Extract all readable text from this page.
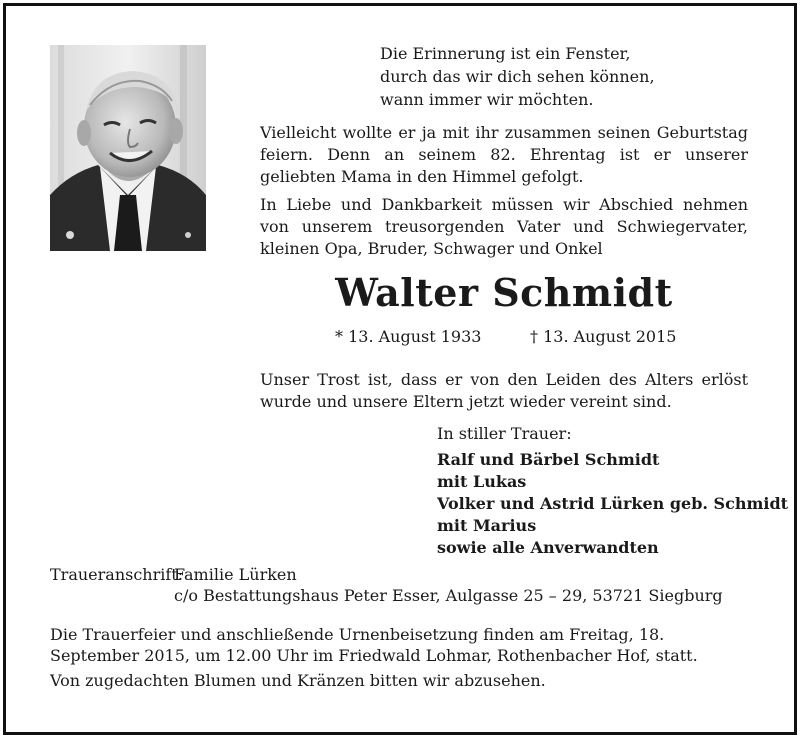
Die Erinnerung ist ein Fenster,
durch das wir dich sehen können,
wann immer wir möchten.
Vielleicht wollte er ja mit ihr zusammen seinen Geburtstag feiern. Denn an seinem 82. Ehrentag ist er unserer geliebten Mama in den Himmel gefolgt.
In Liebe und Dankbarkeit müssen wir Abschied nehmen von unserem treusorgenden Vater und Schwiegervater, kleinen Opa, Bruder, Schwager und Onkel
Walter Schmidt
* 13. August 1933	† 13. August 2015
Unser Trost ist, dass er von den Leiden des Alters erlöst wurde und unsere Eltern jetzt wieder vereint sind.
In stiller Trauer:
Ralf und Bärbel Schmidt
mit Lukas
Volker und Astrid Lürken geb. Schmidt
mit Marius
sowie alle Anverwandten
Traueranschrift:
Familie Lürken
c/o Bestattungshaus Peter Esser, Aulgasse 25 – 29, 53721 Siegburg
Die Trauerfeier und anschließende Urnenbeisetzung finden am Freitag, 18. September 2015, um 12.00 Uhr im Friedwald Lohmar, Rothenbacher Hof, statt.
Von zugedachten Blumen und Kränzen bitten wir abzusehen.
